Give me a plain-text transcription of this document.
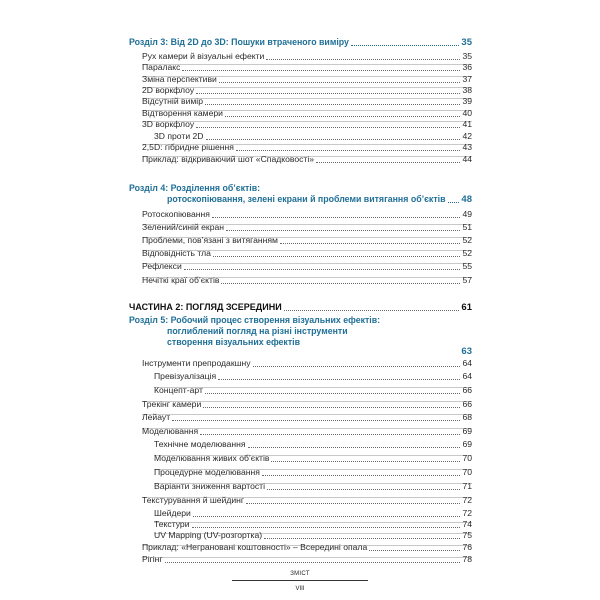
Розділ 3: Від 2D до 3D: Пошуки втраченого виміру	35
Рух камери й візуальні ефекти	35
Паралакс	36
Зміна перспективи	37
2D воркфлоу	38
Відсутній вимір	39
Відтворення камери	40
3D воркфлоу	41
3D проти 2D	42
2,5D: гібридне рішення	43
Приклад: відкриваючий шот «Спадковості»	44
Розділ 4: Розділення об’єктів:
ротоскопіювання, зелені екрани й проблеми витягання об’єктів 48
Ротоскопіювання	49
Зелений/синій екран	51
Проблеми, пов’язані з витяганням	52
Відповідність тла	52
Рефлекси	55
Нечіткі краї об’єктів	57
ЧАСТИНА 2: ПОГЛЯД ЗСЕРЕДИНИ	61
Розділ 5: Робочий процес створення візуальних ефектів:
поглиблений погляд на різні інструменти
створення візуальних ефектів
63
Інструменти препродакшну	64
Превізуалізація	64
Концепт-арт	66
Трекінг камери	66
Лейаут	68
Моделювання	69
Технічне моделювання	69
Моделювання живих об’єктів	70
Процедурне моделювання	70
Варіанти зниження вартості	71
Текстурування й шейдинг	72
Шейдери	72
Текстури	74
UV Mapping (UV-розгортка)	75
Приклад: «Неграновані коштовності» – Всередині опала	76
Рігінг	78
ЗМІСТ
VIII
